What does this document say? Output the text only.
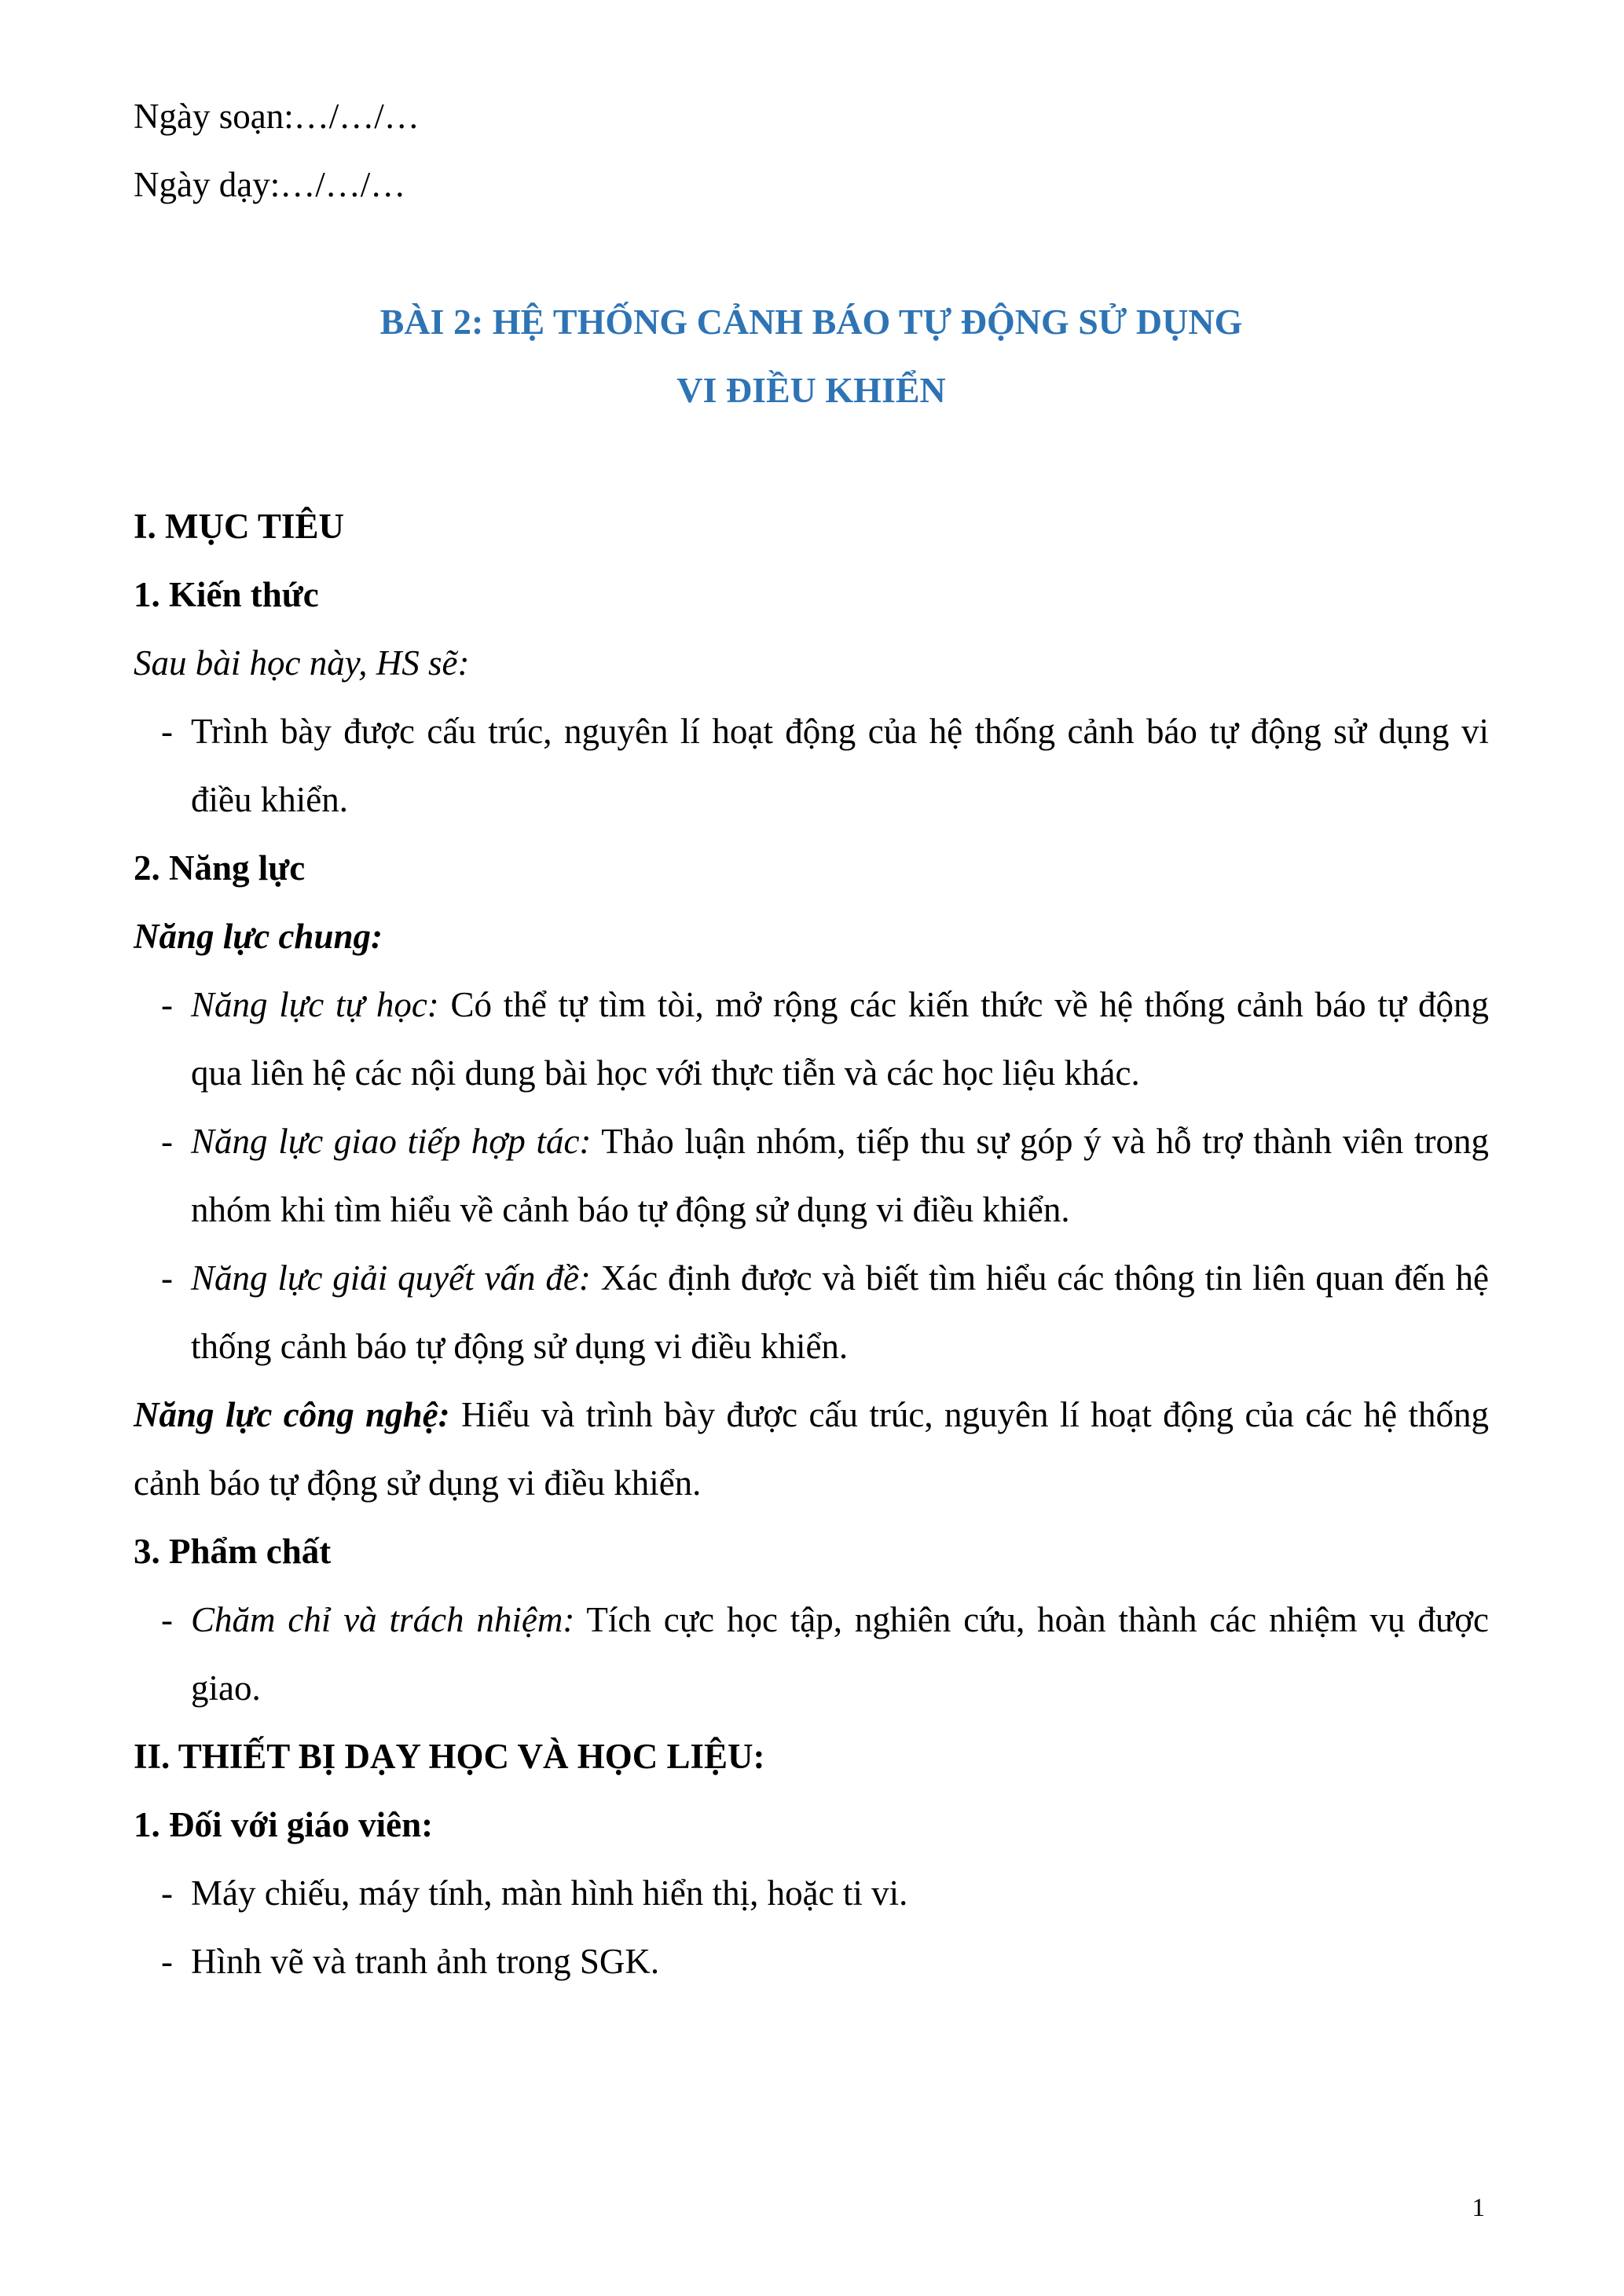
Ngày soạn:…/…/…

Ngày dạy:…/…/…

BÀI 2: HỆ THỐNG CẢNH BÁO TỰ ĐỘNG SỬ DỤNG
VI ĐIỀU KHIỂN

I. MỤC TIÊU

1. Kiến thức

Sau bài học này, HS sẽ:

- Trình bày được cấu trúc, nguyên lí hoạt động của hệ thống cảnh báo tự động sử dụng vi điều khiển.

2. Năng lực

Năng lực chung:

- Năng lực tự học: Có thể tự tìm tòi, mở rộng các kiến thức về hệ thống cảnh báo tự động qua liên hệ các nội dung bài học với thực tiễn và các học liệu khác.
- Năng lực giao tiếp hợp tác: Thảo luận nhóm, tiếp thu sự góp ý và hỗ trợ thành viên trong nhóm khi tìm hiểu về cảnh báo tự động sử dụng vi điều khiển.
- Năng lực giải quyết vấn đề: Xác định được và biết tìm hiểu các thông tin liên quan đến hệ thống cảnh báo tự động sử dụng vi điều khiển.

Năng lực công nghệ: Hiểu và trình bày được cấu trúc, nguyên lí hoạt động của các hệ thống cảnh báo tự động sử dụng vi điều khiển.

3. Phẩm chất

- Chăm chỉ và trách nhiệm: Tích cực học tập, nghiên cứu, hoàn thành các nhiệm vụ được giao.

II. THIẾT BỊ DẠY HỌC VÀ HỌC LIỆU:

1. Đối với giáo viên:

- Máy chiếu, máy tính, màn hình hiển thị, hoặc ti vi.
- Hình vẽ và tranh ảnh trong SGK.
1
